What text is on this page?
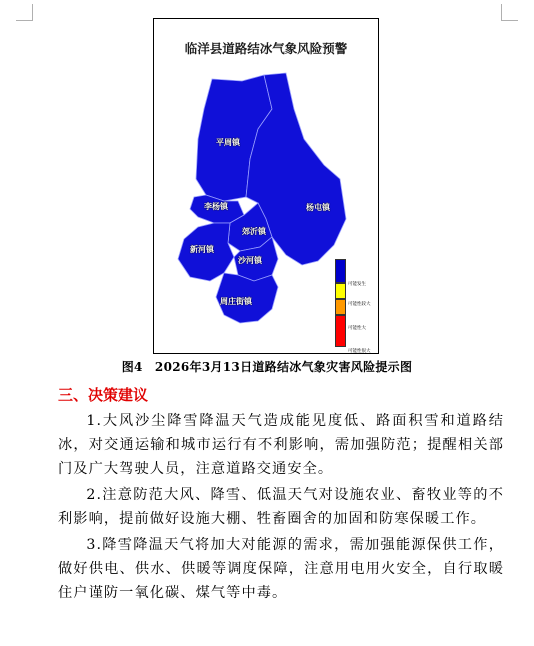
临洋县道路结冰气象风险预警
平周镇
李杨镇	杨屯镇
郊沂镇
新河镇
沙河镇
周庄街镇
可能发生
可能性较大
可能性大
可能性很大
图4　2026年3月13日道路结冰气象灾害风险提示图
三、决策建议
1.大风沙尘降雪降温天气造成能见度低、路面积雪和道路结冰，对交通运输和城市运行有不利影响，需加强防范；提醒相关部门及广大驾驶人员，注意道路交通安全。
2.注意防范大风、降雪、低温天气对设施农业、畜牧业等的不利影响，提前做好设施大棚、牲畜圈舍的加固和防寒保暖工作。
3.降雪降温天气将加大对能源的需求，需加强能源保供工作，做好供电、供水、供暖等调度保障，注意用电用火安全，自行取暖住户谨防一氧化碳、煤气等中毒。
